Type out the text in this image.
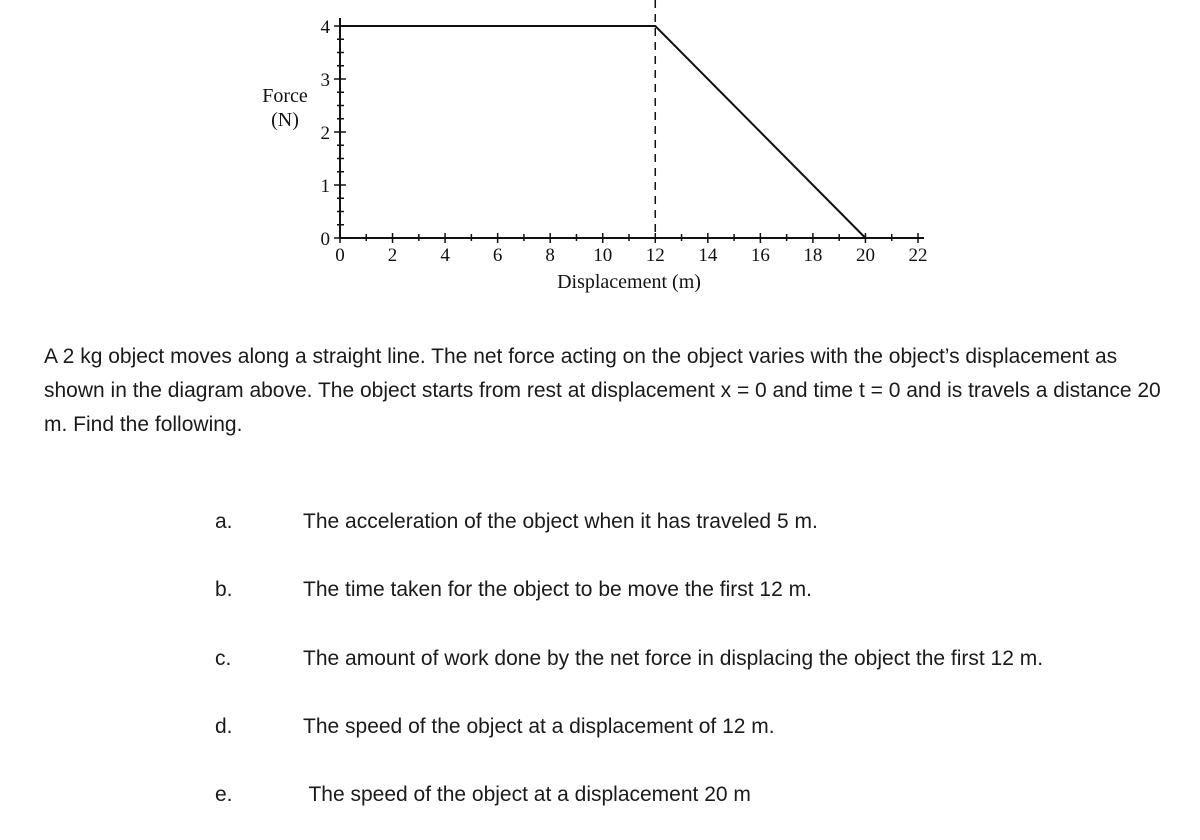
0 2 4 6 8 10 12 14 16 18 20 22
0
1
2
3
4
Force
(N)
Displacement (m)

A 2 kg object moves along a straight line. The net force acting on the object varies with the object’s displacement as shown in the diagram above. The object starts from rest at displacement x = 0 and time t = 0 and is travels a distance 20 m. Find the following.

a.	The acceleration of the object when it has traveled 5 m.
b.	The time taken for the object to be move the first 12 m.
c.	The amount of work done by the net force in displacing the object the first 12 m.
d.	The speed of the object at a displacement of 12 m.
e.	The speed of the object at a displacement 20 m
